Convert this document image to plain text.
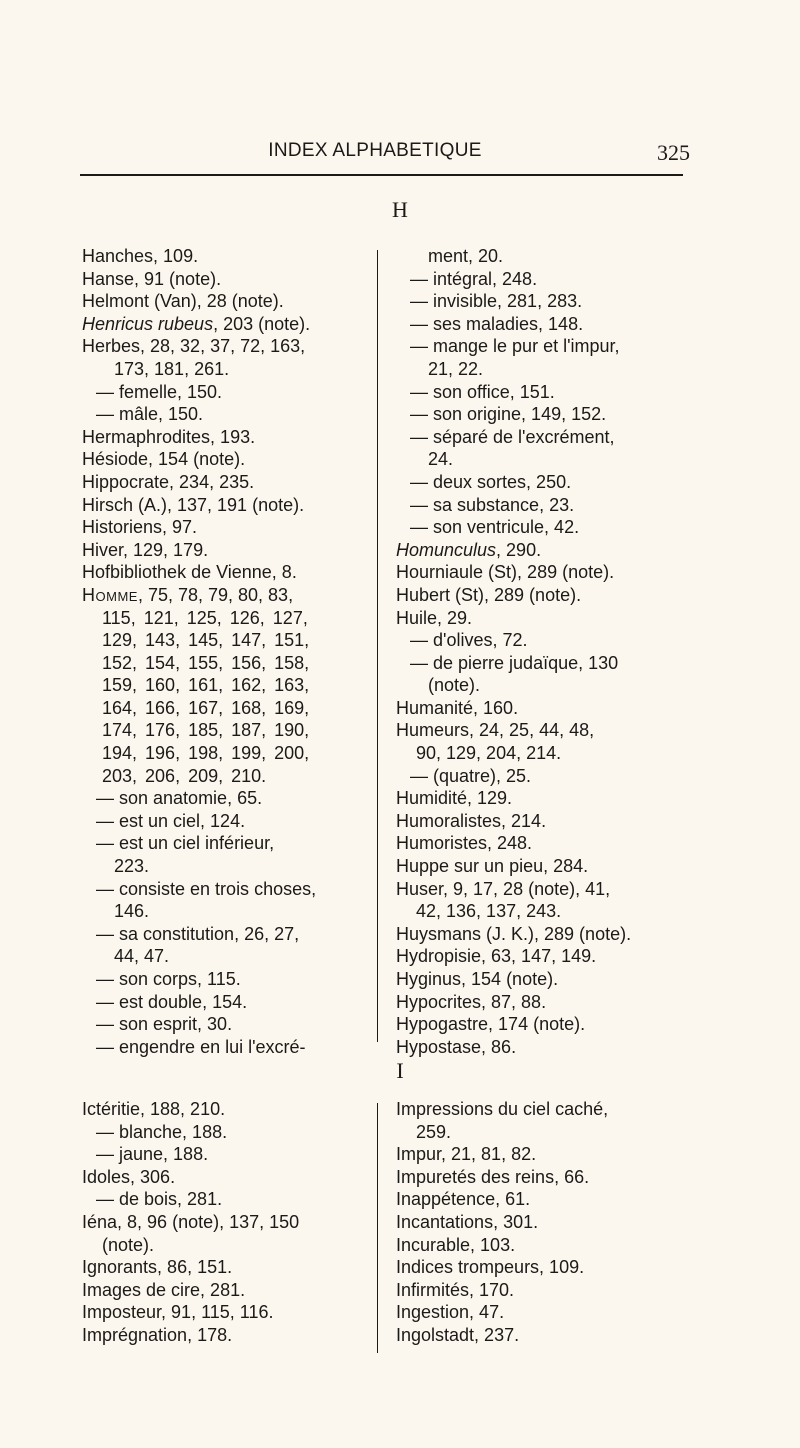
INDEX ALPHABETIQUE	325
H
Hanches, 109.
Hanse, 91 (note).
Helmont (Van), 28 (note).
Henricus rubeus, 203 (note).
Herbes, 28, 32, 37, 72, 163,
173, 181, 261.
— femelle, 150.
— mâle, 150.
Hermaphrodites, 193.
Hésiode, 154 (note).
Hippocrate, 234, 235.
Hirsch (A.), 137, 191 (note).
Historiens, 97.
Hiver, 129, 179.
Hofbibliothek de Vienne, 8.
Homme, 75, 78, 79, 80, 83,
115, 121, 125, 126, 127,
129, 143, 145, 147, 151,
152, 154, 155, 156, 158,
159, 160, 161, 162, 163,
164, 166, 167, 168, 169,
174, 176, 185, 187, 190,
194, 196, 198, 199, 200,
203, 206, 209, 210.
— son anatomie, 65.
— est un ciel, 124.
— est un ciel inférieur,
223.
— consiste en trois choses,
146.
— sa constitution, 26, 27,
44, 47.
— son corps, 115.
— est double, 154.
— son esprit, 30.
— engendre en lui l'excré-
ment, 20.
— intégral, 248.
— invisible, 281, 283.
— ses maladies, 148.
— mange le pur et l'impur,
21, 22.
— son office, 151.
— son origine, 149, 152.
— séparé de l'excrément,
24.
— deux sortes, 250.
— sa substance, 23.
— son ventricule, 42.
Homunculus, 290.
Hourniaule (St), 289 (note).
Hubert (St), 289 (note).
Huile, 29.
— d'olives, 72.
— de pierre judaïque, 130
(note).
Humanité, 160.
Humeurs, 24, 25, 44, 48,
90, 129, 204, 214.
— (quatre), 25.
Humidité, 129.
Humoralistes, 214.
Humoristes, 248.
Huppe sur un pieu, 284.
Huser, 9, 17, 28 (note), 41,
42, 136, 137, 243.
Huysmans (J. K.), 289 (note).
Hydropisie, 63, 147, 149.
Hyginus, 154 (note).
Hypocrites, 87, 88.
Hypogastre, 174 (note).
Hypostase, 86.
I
Ictéritie, 188, 210.
— blanche, 188.
— jaune, 188.
Idoles, 306.
— de bois, 281.
Iéna, 8, 96 (note), 137, 150
(note).
Ignorants, 86, 151.
Images de cire, 281.
Imposteur, 91, 115, 116.
Imprégnation, 178.
Impressions du ciel caché,
259.
Impur, 21, 81, 82.
Impuretés des reins, 66.
Inappétence, 61.
Incantations, 301.
Incurable, 103.
Indices trompeurs, 109.
Infirmités, 170.
Ingestion, 47.
Ingolstadt, 237.
